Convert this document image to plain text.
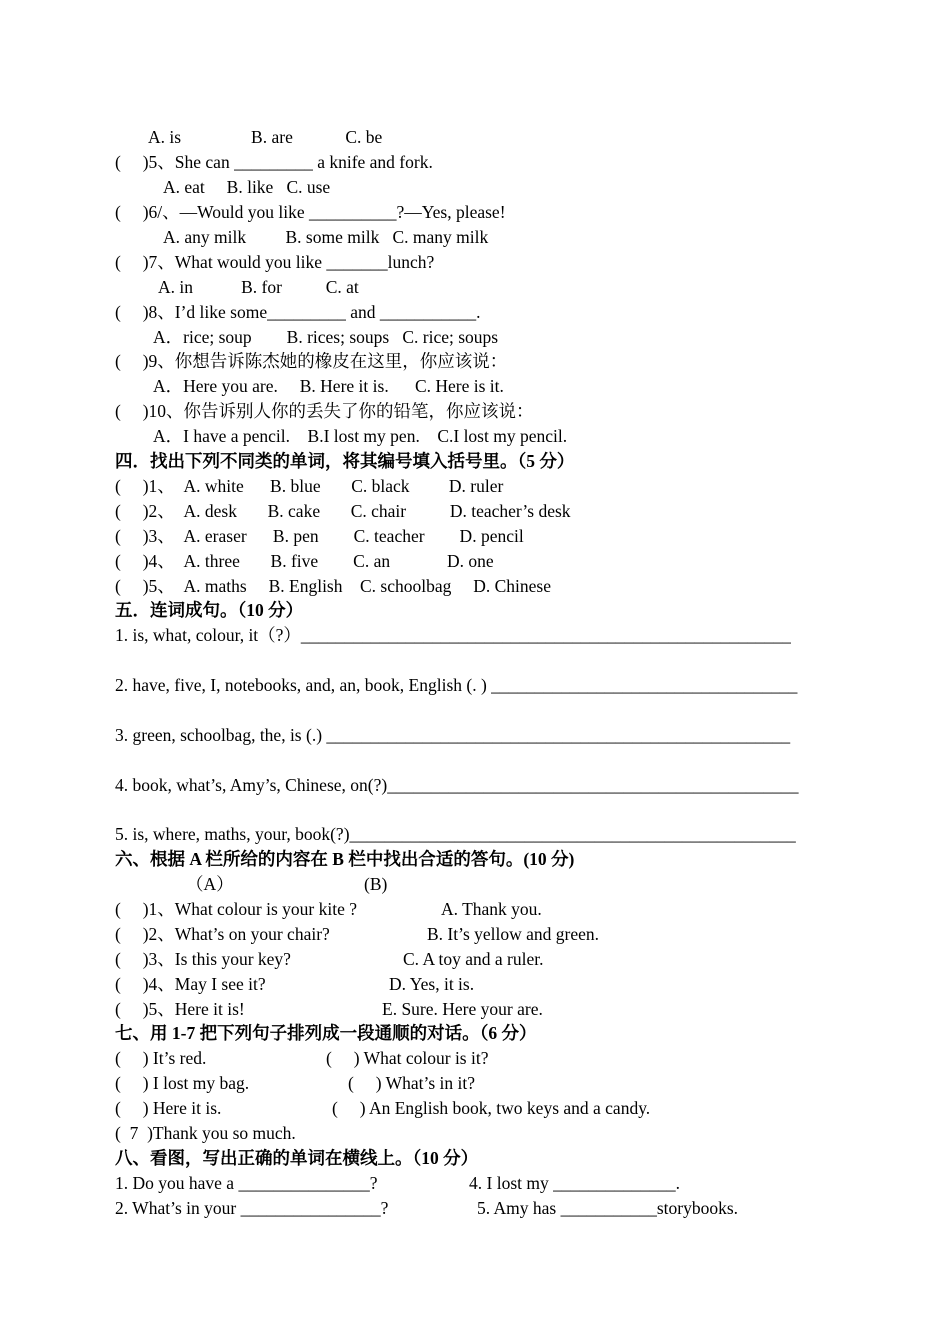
A. is                B. are            C. be
(     )5、She can _________ a knife and fork.
A. eat     B. like   C. use
(     )6/、—Would you like __________?—Yes, please!
A. any milk         B. some milk   C. many milk
(     )7、What would you like _______lunch?
A. in           B. for          C. at
(     )8、I’d like some_________ and ___________.
A．rice; soup        B. rices; soups   C. rice; soups
(     )9、你想告诉陈杰她的橡皮在这里，你应该说：
A．Here you are.     B. Here it is.      C. Here is it.
(     )10、你告诉别人你的丢失了你的铅笔，你应该说：
A．I have a pencil.    B.I lost my pen.    C.I lost my pencil.
四．找出下列不同类的单词，将其编号填入括号里。（5 分）
(     )1、  A. white      B. blue       C. black         D. ruler
(     )2、  A. desk       B. cake       C. chair          D. teacher’s desk
(     )3、  A. eraser      B. pen        C. teacher        D. pencil
(     )4、  A. three       B. five        C. an             D. one
(     )5、  A. maths     B. English    C. schoolbag     D. Chinese
五．连词成句。（10 分）
1. is, what, colour, it（?）________________________________________________________
2. have, five, I, notebooks, and, an, book, English (. ) ___________________________________
3. green, schoolbag, the, is (.) _____________________________________________________
4. book, what’s, Amy’s, Chinese, on(?)_______________________________________________
5. is, where, maths, your, book(?)___________________________________________________
六、根据 A 栏所给的内容在 B 栏中找出合适的答句。(10 分)
（A）	(B)
(     )1、What colour is your kite ?	A. Thank you.
(     )2、What’s on your chair?	B. It’s yellow and green.
(     )3、Is this your key?	C. A toy and a ruler.
(     )4、May I see it?	D. Yes, it is.
(     )5、Here it is!	E. Sure. Here your are.
七、用 1-7 把下列句子排列成一段通顺的对话。（6 分）
(     ) It’s red.	(     ) What colour is it?
(     ) I lost my bag.	(     ) What’s in it?
(     ) Here it is.	(     ) An English book, two keys and a candy.
(  7  )Thank you so much.
八、看图，写出正确的单词在横线上。（10 分）
1. Do you have a _______________?	4. I lost my ______________.
2. What’s in your ________________?	5. Amy has ___________storybooks.
